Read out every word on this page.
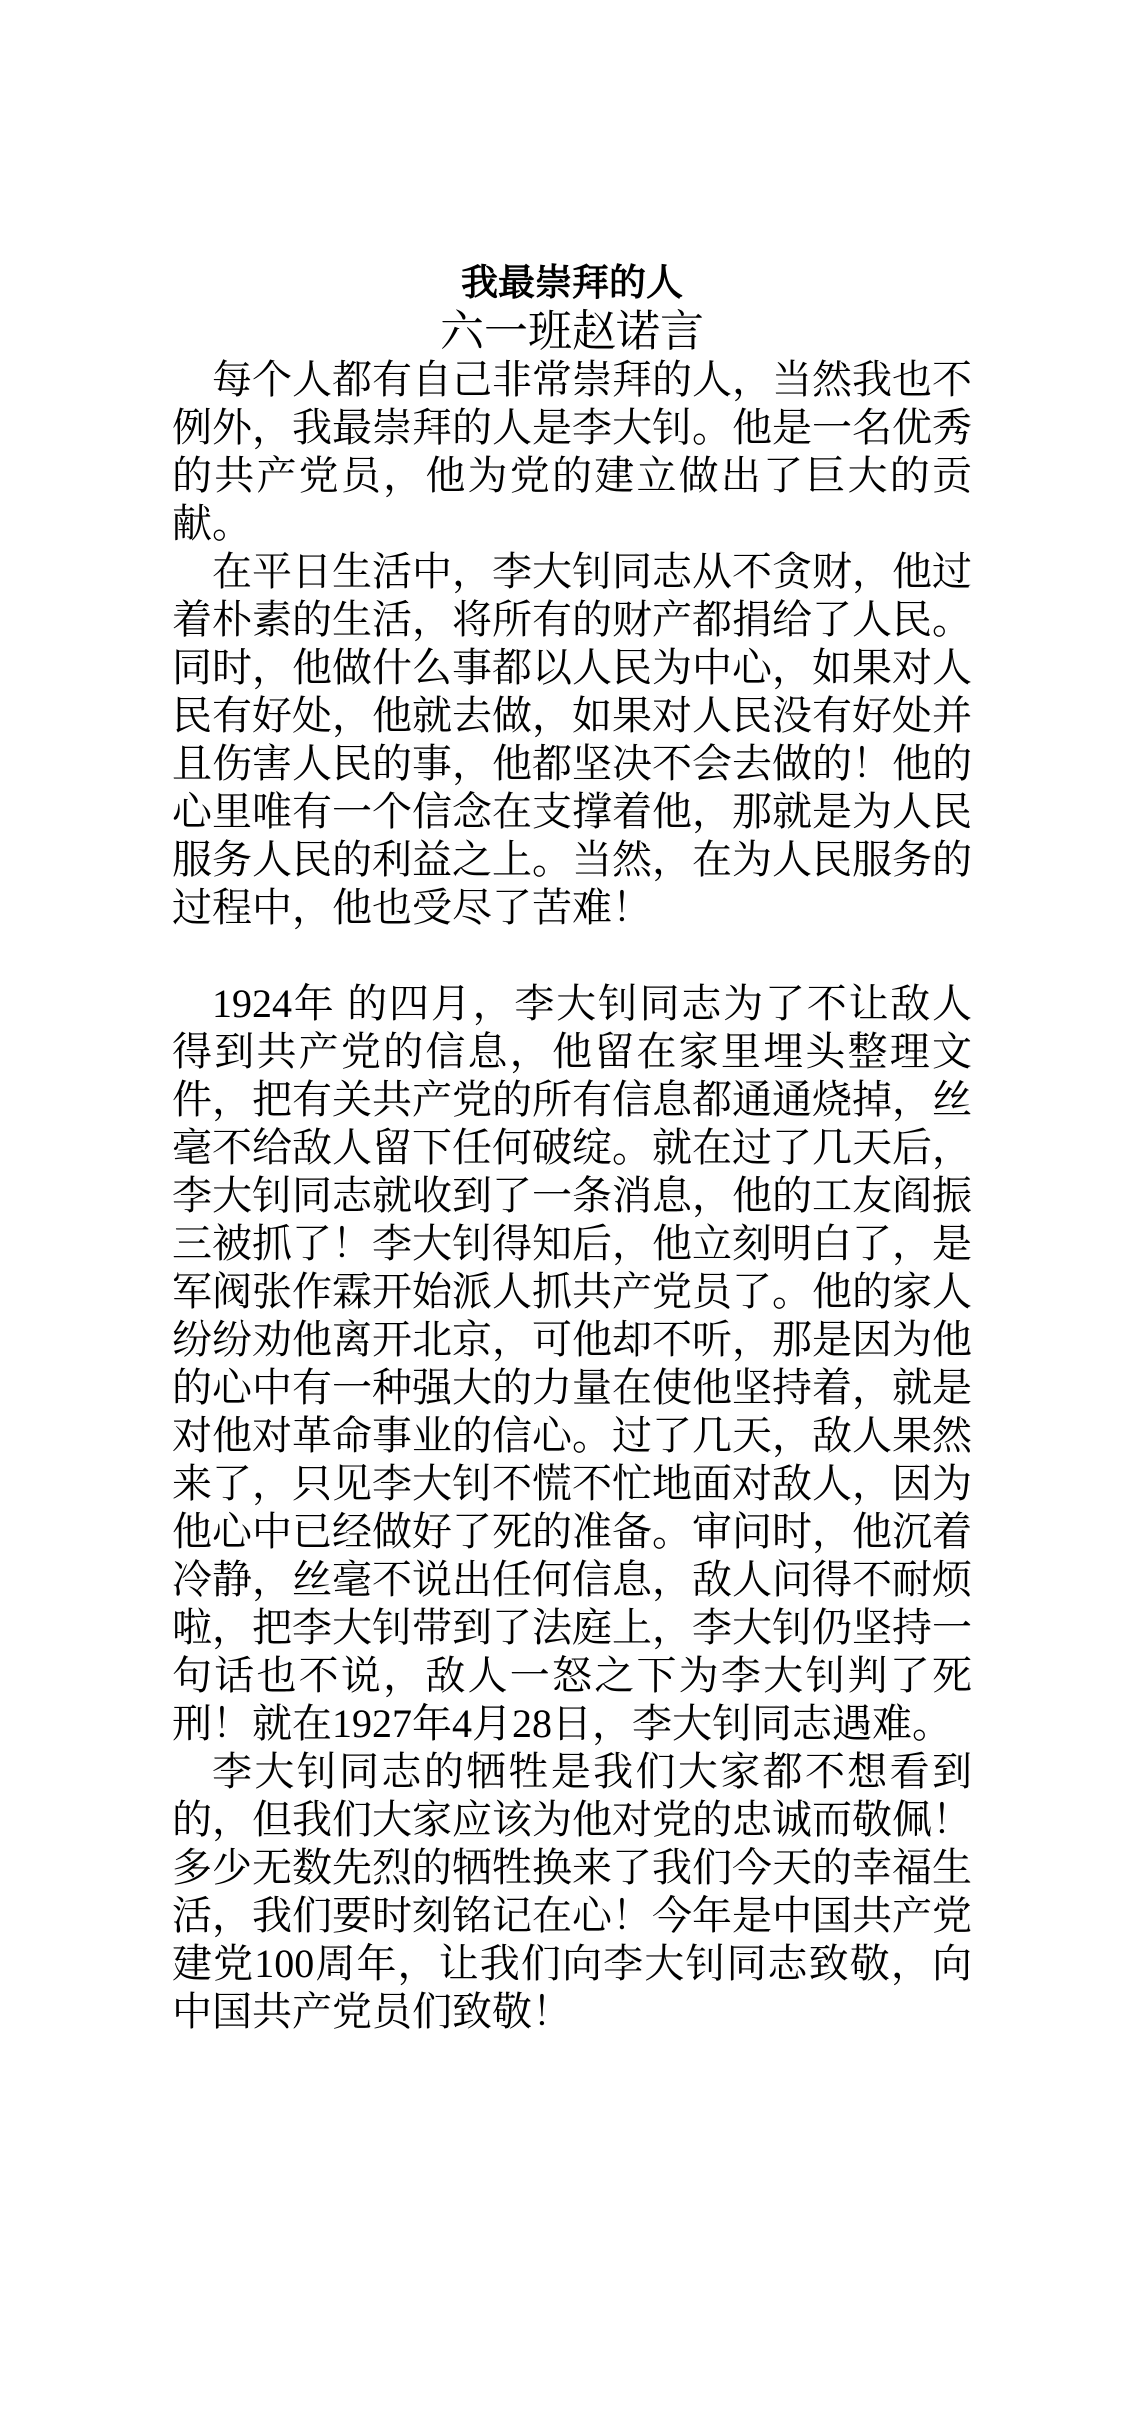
我最崇拜的人
六一班赵诺言

每个人都有自己非常崇拜的人，当然我也不例外，我最崇拜的人是李大钊。他是一名优秀的共产党员，他为党的建立做出了巨大的贡献。

在平日生活中，李大钊同志从不贪财，他过着朴素的生活，将所有的财产都捐给了人民。同时，他做什么事都以人民为中心，如果对人民有好处，他就去做，如果对人民没有好处并且伤害人民的事，他都坚决不会去做的！他的心里唯有一个信念在支撑着他，那就是为人民服务人民的利益之上。当然，在为人民服务的过程中，他也受尽了苦难！

1924年 的四月，李大钊同志为了不让敌人得到共产党的信息，他留在家里埋头整理文件，把有关共产党的所有信息都通通烧掉，丝毫不给敌人留下任何破绽。就在过了几天后，李大钊同志就收到了一条消息，他的工友阎振三被抓了！李大钊得知后，他立刻明白了，是军阀张作霖开始派人抓共产党员了。他的家人纷纷劝他离开北京，可他却不听，那是因为他的心中有一种强大的力量在使他坚持着，就是对他对革命事业的信心。过了几天，敌人果然来了，只见李大钊不慌不忙地面对敌人，因为他心中已经做好了死的准备。审问时，他沉着冷静，丝毫不说出任何信息，敌人问得不耐烦啦，把李大钊带到了法庭上，李大钊仍坚持一句话也不说，敌人一怒之下为李大钊判了死刑！就在1927年4月28日，李大钊同志遇难。

李大钊同志的牺牲是我们大家都不想看到的，但我们大家应该为他对党的忠诚而敬佩！多少无数先烈的牺牲换来了我们今天的幸福生活，我们要时刻铭记在心！今年是中国共产党建党100周年，让我们向李大钊同志致敬，向中国共产党员们致敬！
